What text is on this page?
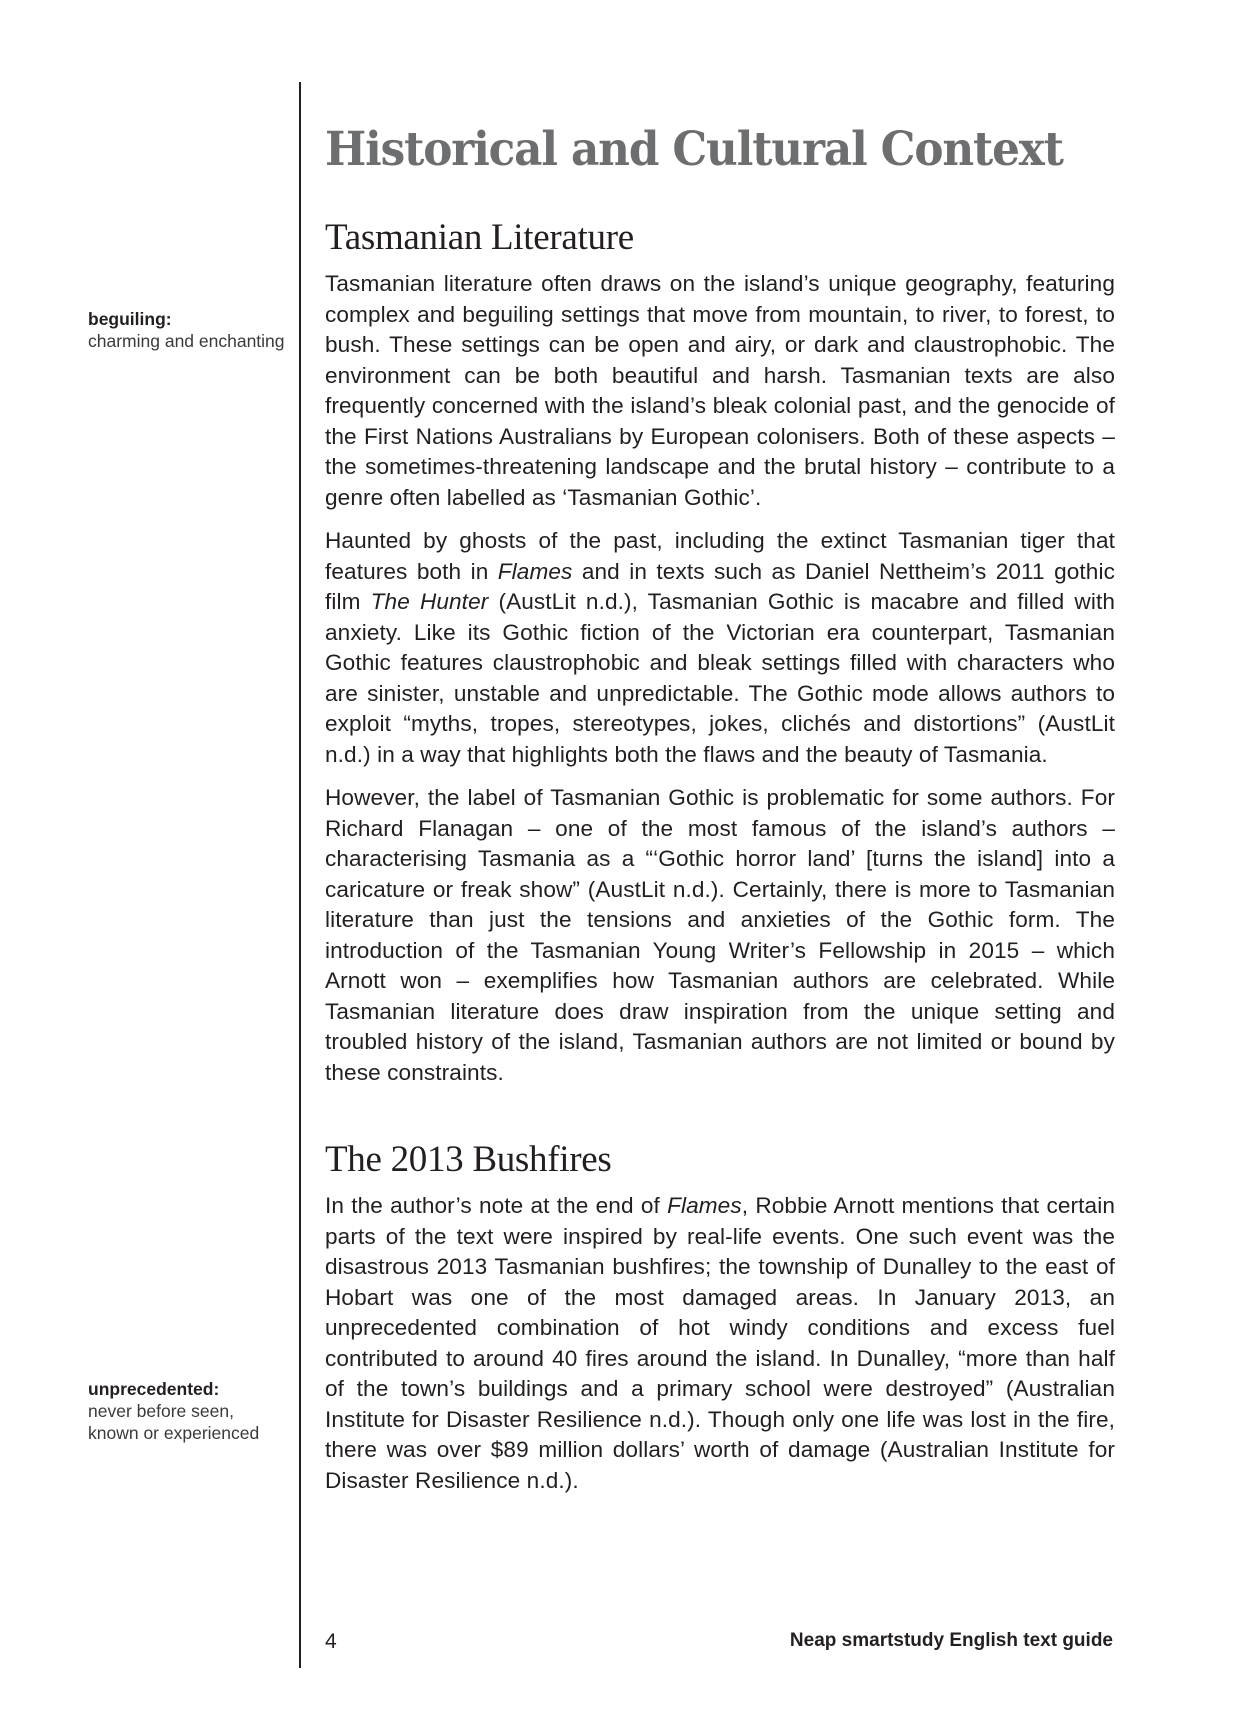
beguiling:
charming and enchanting
unprecedented:
never before seen, known or experienced
Historical and Cultural Context
Tasmanian Literature

Tasmanian literature often draws on the island’s unique geography, featuring complex and beguiling settings that move from mountain, to river, to forest, to bush. These settings can be open and airy, or dark and claustrophobic. The environment can be both beautiful and harsh. Tasmanian texts are also frequently concerned with the island’s bleak colonial past, and the genocide of the First Nations Australians by European colonisers. Both of these aspects – the sometimes-threatening landscape and the brutal history – contribute to a genre often labelled as ‘Tasmanian Gothic’.

Haunted by ghosts of the past, including the extinct Tasmanian tiger that features both in Flames and in texts such as Daniel Nettheim’s 2011 gothic film The Hunter (AustLit n.d.), Tasmanian Gothic is macabre and filled with anxiety. Like its Gothic fiction of the Victorian era counterpart, Tasmanian Gothic features claustrophobic and bleak settings filled with characters who are sinister, unstable and unpredictable. The Gothic mode allows authors to exploit “myths, tropes, stereotypes, jokes, clichés and distortions” (AustLit n.d.) in a way that highlights both the flaws and the beauty of Tasmania.

However, the label of Tasmanian Gothic is problematic for some authors. For Richard Flanagan – one of the most famous of the island’s authors – characterising Tasmania as a “‘Gothic horror land’ [turns the island] into a caricature or freak show” (AustLit n.d.). Certainly, there is more to Tasmanian literature than just the tensions and anxieties of the Gothic form. The introduction of the Tasmanian Young Writer’s Fellowship in 2015 – which Arnott won – exemplifies how Tasmanian authors are celebrated. While Tasmanian literature does draw inspiration from the unique setting and troubled history of the island, Tasmanian authors are not limited or bound by these constraints.

The 2013 Bushfires

In the author’s note at the end of Flames, Robbie Arnott mentions that certain parts of the text were inspired by real-life events. One such event was the disastrous 2013 Tasmanian bushfires; the township of Dunalley to the east of Hobart was one of the most damaged areas. In January 2013, an unprecedented combination of hot windy conditions and excess fuel contributed to around 40 fires around the island. In Dunalley, “more than half of the town’s buildings and a primary school were destroyed” (Australian Institute for Disaster Resilience n.d.). Though only one life was lost in the fire, there was over $89 million dollars’ worth of damage (Australian Institute for Disaster Resilience n.d.).

4	Neap smartstudy English text guide
